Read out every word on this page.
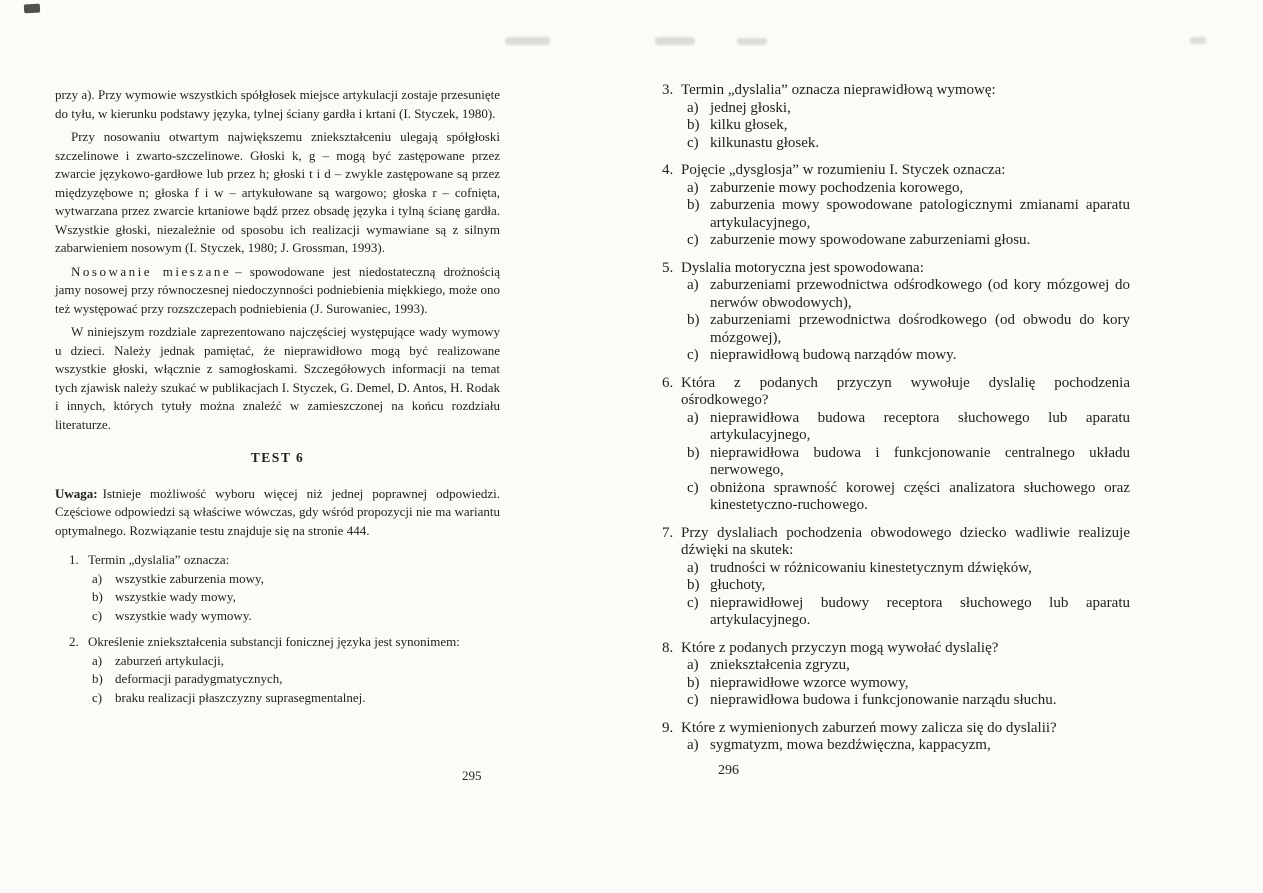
przy a). Przy wymowie wszystkich spółgłosek miejsce artykulacji zostaje przesunięte do tyłu, w kierunku podstawy języka, tylnej ściany gardła i krtani (I. Styczek, 1980).

Przy nosowaniu otwartym największemu zniekształceniu ulegają spółgłoski szczelinowe i zwarto-szczelinowe. Głoski k, g – mogą być zastępowane przez zwarcie językowo-gardłowe lub przez h; głoski t i d – zwykle zastępowane są przez międzyzębowe n; głoska f i w – artykułowane są wargowo; głoska r – cofnięta, wytwarzana przez zwarcie krtaniowe bądź przez obsadę języka i tylną ścianę gardła. Wszystkie głoski, niezależnie od sposobu ich realizacji wymawiane są z silnym zabarwieniem nosowym (I. Styczek, 1980; J. Grossman, 1993).

Nosowanie mieszane – spowodowane jest niedostateczną drożnością jamy nosowej przy równoczesnej niedoczynności podniebienia miękkiego, może ono też występować przy rozszczepach podniebienia (J. Surowaniec, 1993).

W niniejszym rozdziale zaprezentowano najczęściej występujące wady wymowy u dzieci. Należy jednak pamiętać, że nieprawidłowo mogą być realizowane wszystkie głoski, włącznie z samogłoskami. Szczegółowych informacji na temat tych zjawisk należy szukać w publikacjach I. Styczek, G. Demel, D. Antos, H. Rodak i innych, których tytuły można znaleźć w zamieszczonej na końcu rozdziału literaturze.

TEST 6

Uwaga: Istnieje możliwość wyboru więcej niż jednej poprawnej odpowiedzi. Częściowe odpowiedzi są właściwe wówczas, gdy wśród propozycji nie ma wariantu optymalnego. Rozwiązanie testu znajduje się na stronie 444.

1. Termin „dyslalia” oznacza:
a) wszystkie zaburzenia mowy,
b) wszystkie wady mowy,
c) wszystkie wady wymowy.
2. Określenie zniekształcenia substancji fonicznej języka jest synonimem:
a) zaburzeń artykulacji,
b) deformacji paradygmatycznych,
c) braku realizacji płaszczyzny suprasegmentalnej.
3. Termin „dyslalia” oznacza nieprawidłową wymowę:
a) jednej głoski,
b) kilku głosek,
c) kilkunastu głosek.
4. Pojęcie „dysglosja” w rozumieniu I. Styczek oznacza:
a) zaburzenie mowy pochodzenia korowego,
b) zaburzenia mowy spowodowane patologicznymi zmianami aparatu artykulacyjnego,
c) zaburzenie mowy spowodowane zaburzeniami głosu.
5. Dyslalia motoryczna jest spowodowana:
a) zaburzeniami przewodnictwa odśrodkowego (od kory mózgowej do nerwów obwodowych),
b) zaburzeniami przewodnictwa dośrodkowego (od obwodu do kory mózgowej),
c) nieprawidłową budową narządów mowy.
6. Która z podanych przyczyn wywołuje dyslalię pochodzenia ośrodkowego?
a) nieprawidłowa budowa receptora słuchowego lub aparatu artykulacyjnego,
b) nieprawidłowa budowa i funkcjonowanie centralnego układu nerwowego,
c) obniżona sprawność korowej części analizatora słuchowego oraz kinestetyczno-ruchowego.
7. Przy dyslaliach pochodzenia obwodowego dziecko wadliwie realizuje dźwięki na skutek:
a) trudności w różnicowaniu kinestetycznym dźwięków,
b) głuchoty,
c) nieprawidłowej budowy receptora słuchowego lub aparatu artykulacyjnego.
8. Które z podanych przyczyn mogą wywołać dyslalię?
a) zniekształcenia zgryzu,
b) nieprawidłowe wzorce wymowy,
c) nieprawidłowa budowa i funkcjonowanie narządu słuchu.
9. Które z wymienionych zaburzeń mowy zalicza się do dyslalii?
a) sygmatyzm, mowa bezdźwięczna, kappacyzm,
295	296
